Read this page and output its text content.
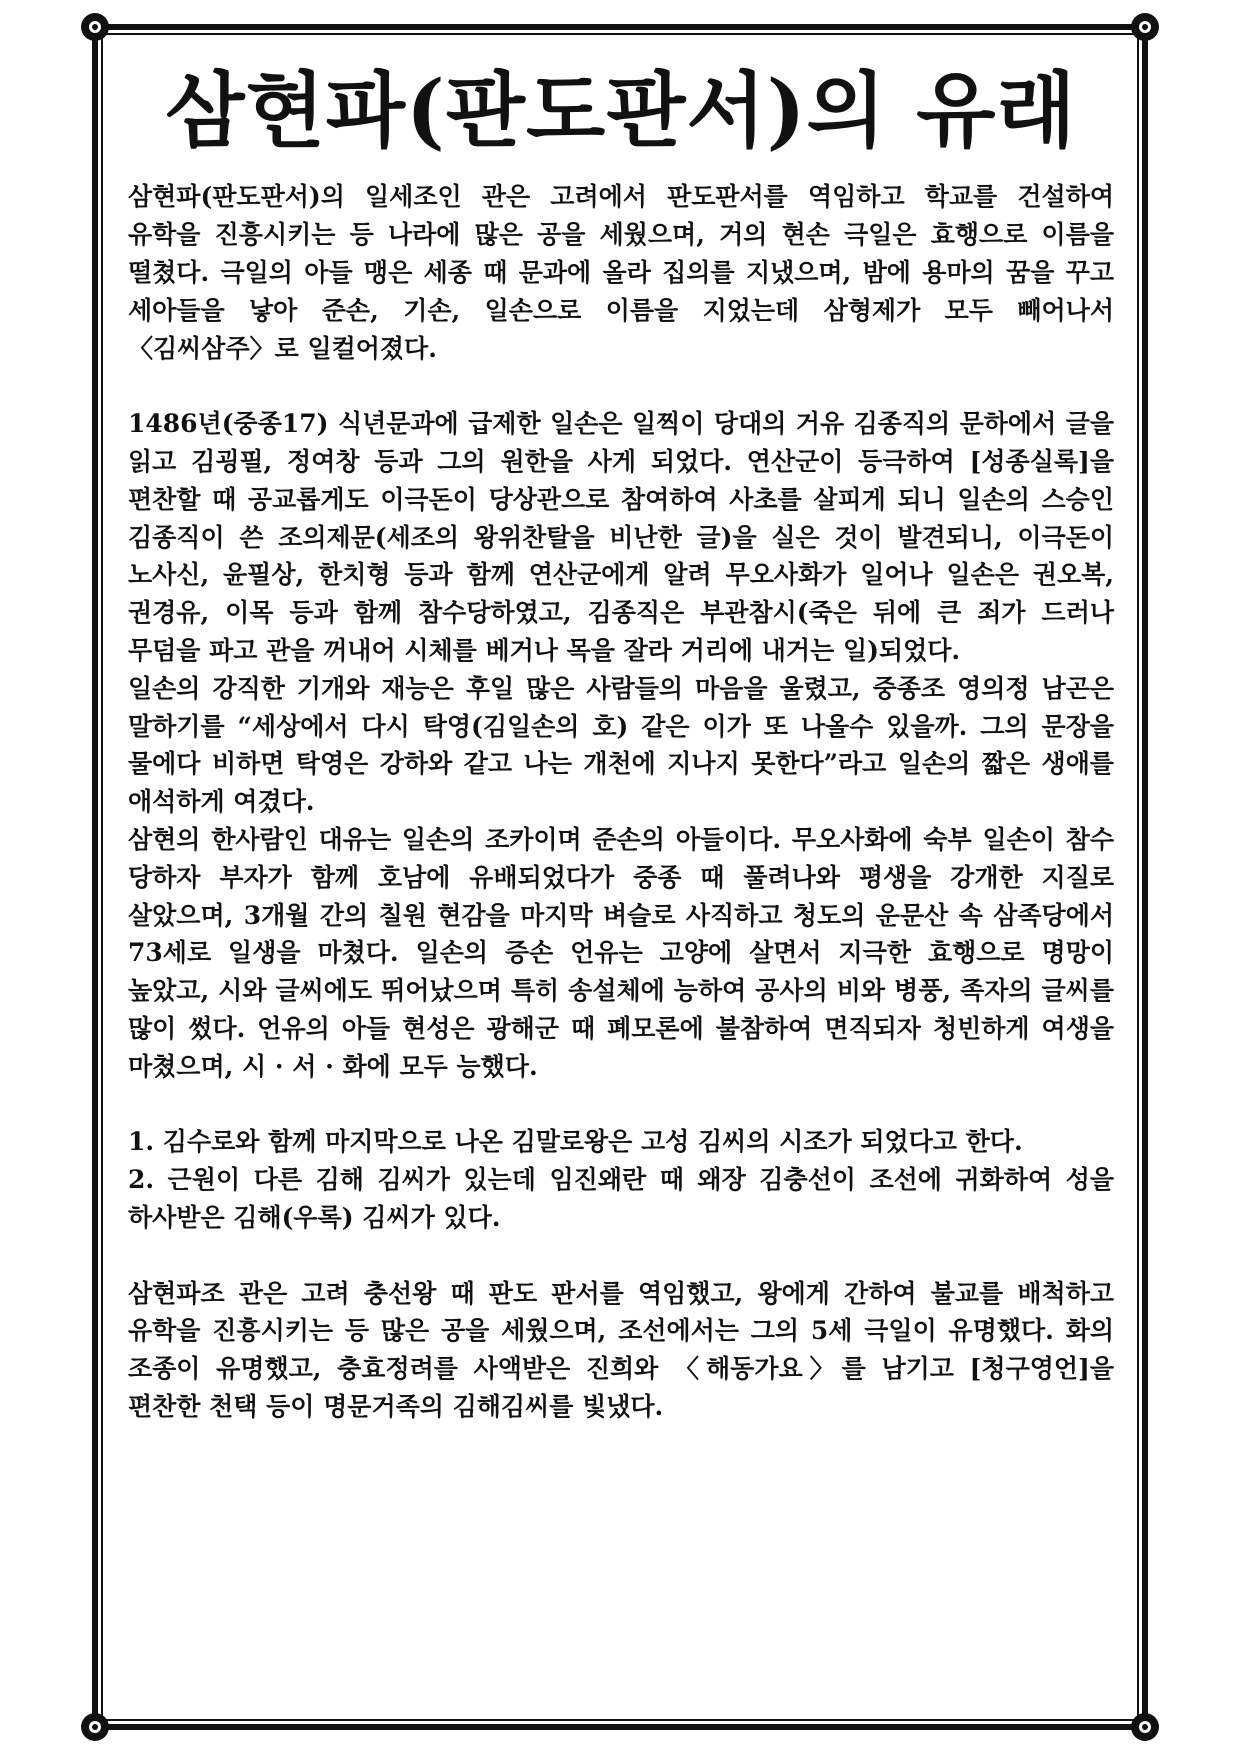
삼현파(판도판서)의 유래

삼현파(판도판서)의 일세조인 관은 고려에서 판도판서를 역임하고 학교를 건설하여 유학을 진흥시키는 등 나라에 많은 공을 세웠으며, 거의 현손 극일은 효행으로 이름을 떨쳤다. 극일의 아들 맹은 세종 때 문과에 올라 집의를 지냈으며, 밤에 용마의 꿈을 꾸고 세아들을 낳아 준손, 기손, 일손으로 이름을 지었는데 삼형제가 모두 빼어나서 〈김씨삼주〉로 일컬어졌다.

1486년(중종17) 식년문과에 급제한 일손은 일찍이 당대의 거유 김종직의 문하에서 글을 읽고 김굉필, 정여창 등과 그의 원한을 사게 되었다. 연산군이 등극하여 [성종실록]을 편찬할 때 공교롭게도 이극돈이 당상관으로 참여하여 사초를 살피게 되니 일손의 스승인 김종직이 쓴 조의제문(세조의 왕위찬탈을 비난한 글)을 실은 것이 발견되니, 이극돈이 노사신, 윤필상, 한치형 등과 함께 연산군에게 알려 무오사화가 일어나 일손은 권오복, 권경유, 이목 등과 함께 참수당하였고, 김종직은 부관참시(죽은 뒤에 큰 죄가 드러나 무덤을 파고 관을 꺼내어 시체를 베거나 목을 잘라 거리에 내거는 일)되었다.

일손의 강직한 기개와 재능은 후일 많은 사람들의 마음을 울렸고, 중종조 영의정 남곤은 말하기를 “세상에서 다시 탁영(김일손의 호) 같은 이가 또 나올수 있을까. 그의 문장을 물에다 비하면 탁영은 강하와 같고 나는 개천에 지나지 못한다”라고 일손의 짧은 생애를 애석하게 여겼다.

삼현의 한사람인 대유는 일손의 조카이며 준손의 아들이다. 무오사화에 숙부 일손이 참수 당하자 부자가 함께 호남에 유배되었다가 중종 때 풀려나와 평생을 강개한 지질로 살았으며, 3개월 간의 칠원 현감을 마지막 벼슬로 사직하고 청도의 운문산 속 삼족당에서 73세로 일생을 마쳤다. 일손의 증손 언유는 고양에 살면서 지극한 효행으로 명망이 높았고, 시와 글씨에도 뛰어났으며 특히 송설체에 능하여 공사의 비와 병풍, 족자의 글씨를 많이 썼다. 언유의 아들 현성은 광해군 때 폐모론에 불참하여 면직되자 청빈하게 여생을 마쳤으며, 시 · 서 · 화에 모두 능했다.

1. 김수로와 함께 마지막으로 나온 김말로왕은 고성 김씨의 시조가 되었다고 한다.

2. 근원이 다른 김해 김씨가 있는데 임진왜란 때 왜장 김충선이 조선에 귀화하여 성을 하사받은 김해(우록) 김씨가 있다.

삼현파조 관은 고려 충선왕 때 판도 판서를 역임했고, 왕에게 간하여 불교를 배척하고 유학을 진흥시키는 등 많은 공을 세웠으며, 조선에서는 그의 5세 극일이 유명했다. 화의 조종이 유명했고, 충효정려를 사액받은 진희와 〈해동가요〉를 남기고 [청구영언]을 편찬한 천택 등이 명문거족의 김해김씨를 빛냈다.
